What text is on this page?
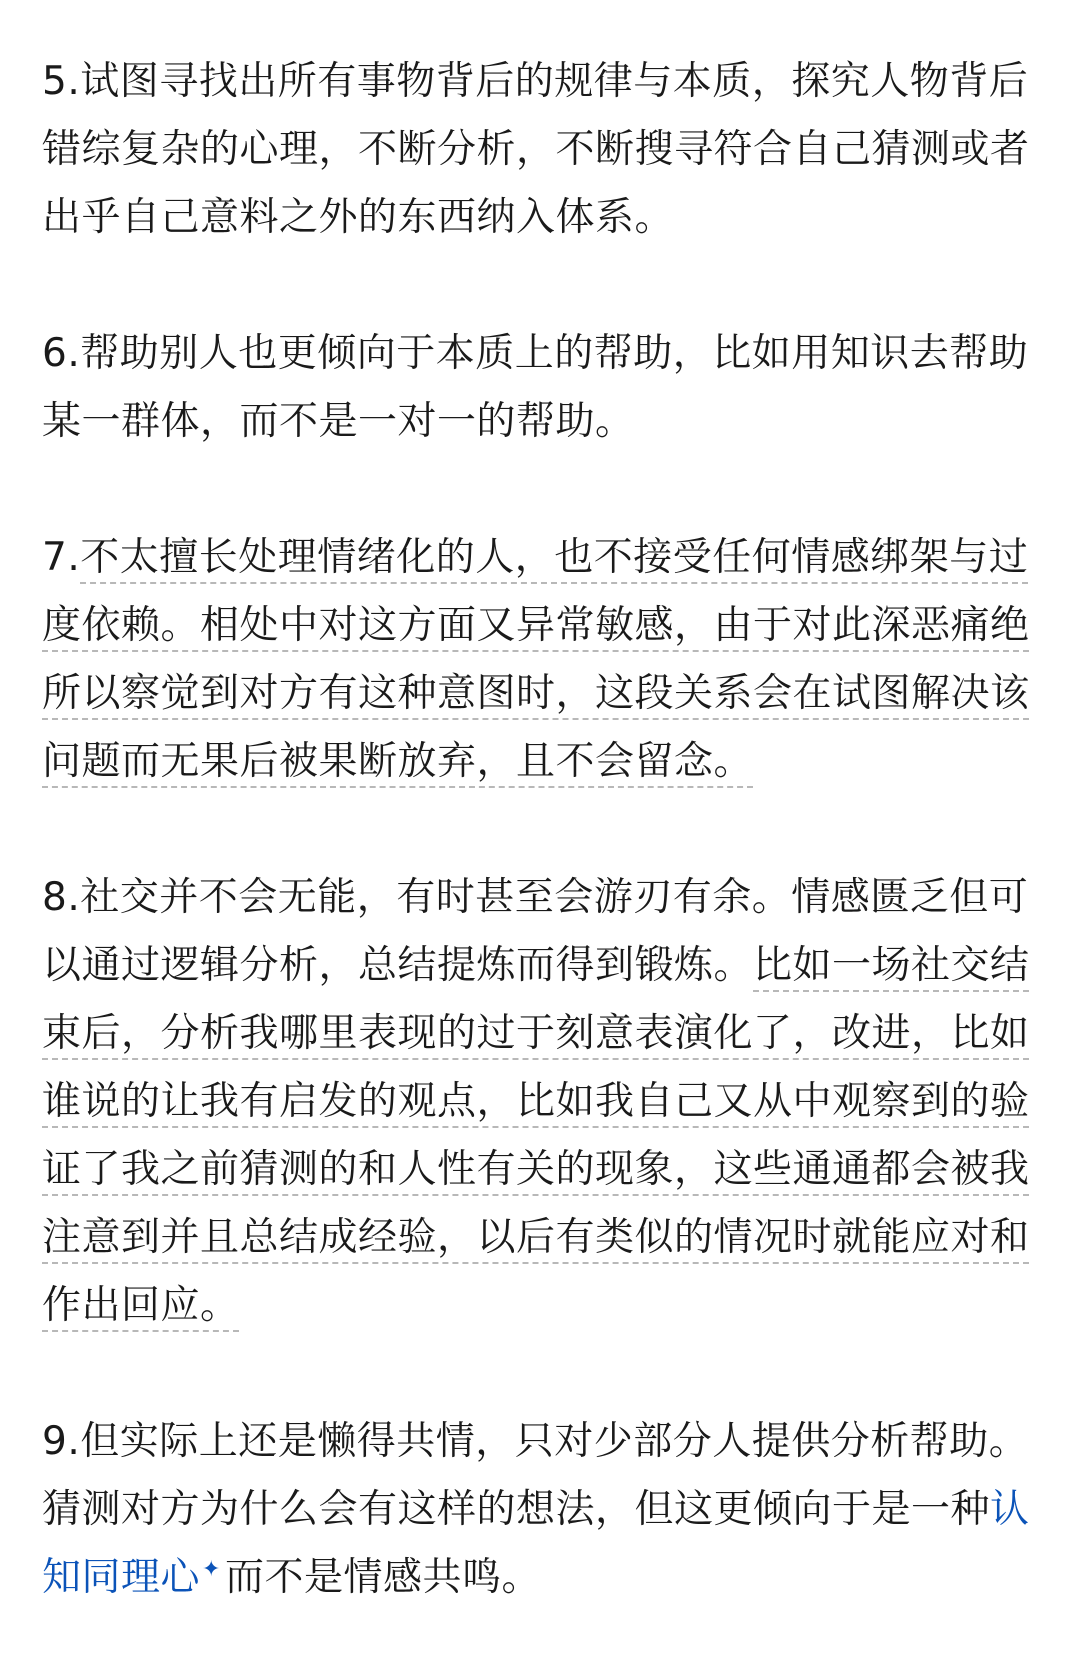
5.试图寻找出所有事物背后的规律与本质，探究人物背后错综复杂的心理，不断分析，不断搜寻符合自己猜测或者出乎自己意料之外的东西纳入体系。

6.帮助别人也更倾向于本质上的帮助，比如用知识去帮助某一群体，而不是一对一的帮助。

7.不太擅长处理情绪化的人，也不接受任何情感绑架与过度依赖。相处中对这方面又异常敏感，由于对此深恶痛绝所以察觉到对方有这种意图时，这段关系会在试图解决该问题而无果后被果断放弃，且不会留念。

8.社交并不会无能，有时甚至会游刃有余。情感匮乏但可以通过逻辑分析，总结提炼而得到锻炼。比如一场社交结束后，分析我哪里表现的过于刻意表演化了，改进，比如谁说的让我有启发的观点，比如我自己又从中观察到的验证了我之前猜测的和人性有关的现象，这些通通都会被我注意到并且总结成经验，以后有类似的情况时就能应对和作出回应。

9.但实际上还是懒得共情，只对少部分人提供分析帮助。猜测对方为什么会有这样的想法，但这更倾向于是一种认知同理心✦ 而不是情感共鸣。
